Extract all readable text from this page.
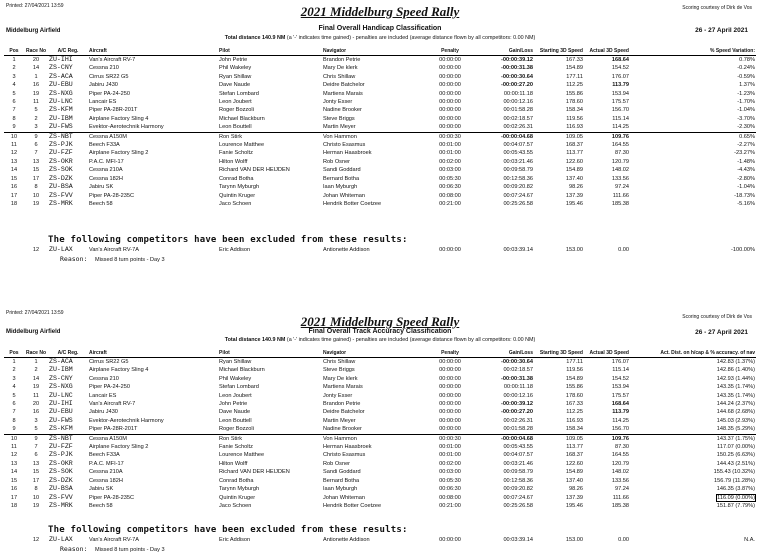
Printed: 27/04/2021 13:59	Scoring courtesy of Dirk de Vos
2021 Middelburg Speed Rally
Middelburg Airfield	26 - 27 April 2021
Final Overall Handicap Classification
Total distance 140.9 NM (a '-' indicates time gained) - penalties are included (average distance flown by all competitors: 0.00 NM)
Pos	Race No	A/C Reg.	Aircraft	Pilot	Navigator	Penalty	Gain/Loss	Starting 3D Speed	Actual 3D Speed	% Speed Variation:
1	20	ZU-IHI	Van's Aircraft RV-7	John Petrie	Brandon Petrie	00:00:00	-00:00:39.12	167.33	168.64	0.78%
2	14	ZS-CNY	Cessna 210	Phil Wakeley	Mary De klerk	00:00:00	-00:00:31.38	154.89	154.52	-0.24%
3	1	ZS-ACA	Cirrus SR22 G5	Ryan Shillaw	Chris Shillaw	00:00:00	-00:00:30.64	177.11	176.07	-0.59%
4	16	ZU-EBU	Jabiru J430	Dave Naude	Deidre Batchelor	00:00:00	-00:00:27.20	112.25	113.79	1.37%
5	19	ZS-NXG	Piper PA-24-250	Stefan Lombard	Martiens Marais	00:00:00	00:00:11.18	155.86	153.94	-1.23%
6	11	ZU-LNC	Lancair ES	Leon Joubert	Jonty Esser	00:00:00	00:00:12.16	178.60	175.57	-1.70%
7	5	ZS-KFM	Piper PA-28R-201T	Roger Bozzoli	Nadine Brooker	00:00:00	00:01:58.28	158.34	156.70	-1.04%
8	2	ZU-IBM	Airplane Factory Sling 4	Michael Blackburn	Steve Briggs	00:00:00	00:02:18.57	119.56	115.14	-3.70%
9	3	ZU-FWS	Evektor-Aerotechnik Harmony	Leon Bouttell	Martin Meyer	00:00:00	00:02:26.31	116.93	114.25	-2.30%
10	9	ZS-NBT	Cessna A150M	Ron Stirk	Von Hammon	00:00:30	-00:00:04.68	109.05	109.76	0.65%
11	6	ZS-PJK	Beech F33A	Lourence Matthee	Christo Esasmus	00:01:00	00:04:07.57	168.37	164.55	-2.27%
12	7	ZU-FZF	Airplane Factory Sling 2	Fanie Scholtz	Herman Haasbroek	00:01:00	00:05:43.55	113.77	87.30	-23.27%
13	13	ZS-OKR	P.A.C. MFI-17	Hilton Wolff	Rob Osner	00:02:00	00:03:21.46	122.60	120.79	-1.48%
14	15	ZS-SOK	Cessna 210A	Richard VAN DER HEIJDEN	Sandi Goddard	00:03:00	00:09:58.79	154.89	148.02	-4.43%
15	17	ZS-DZK	Cessna 182H	Conrad Botha	Bernard Botha	00:05:30	00:12:58.36	137.40	133.56	-2.80%
16	8	ZU-BSA	Jabiru SK	Tarynn Myburgh	Iaan Myburgh	00:06:30	00:09:20.82	98.26	97.24	-1.04%
17	10	ZS-FVV	Piper PA-28-235C	Quintin Kruger	Johan Whiteman	00:08:00	00:07:24.67	137.39	111.66	-18.73%
18	19	ZS-MRK	Beech 58	Jaco Schoen	Hendrik Botter Coetzee	00:21:00	00:25:26.58	195.46	185.38	-5.16%
The following competitors have been excluded from these results:
	12	ZU-LAX	Van's Aircraft RV-7A	Eric Addison	Antionette Addison	00:00:00	00:03:39.14	153.00	0.00	-100.00%
Reason: Missed 8 turn points - Day 3
Printed: 27/04/2021 13:59
Scoring courtesy of Dirk de Vos
2021 Middelburg Speed Rally
Middelburg Airfield	26 - 27 April 2021
Final Overall Track Accuracy Classification
Total distance 140.9 NM (a '-' indicates time gained) - penalties are included (average distance flown by all competitors: 0.00 NM)
Pos	Race No	A/C Reg.	Aircraft	Pilot	Navigator	Penalty	Gain/Loss	Starting 3D Speed	Actual 3D Speed	Act. Dist. on h/cap & % accuracy. of nav
1	1	ZS-ACA	Cirrus SR22 G5	Ryan Shillaw	Chris Shillaw	00:00:00	-00:00:30.64	177.11	176.07	142.83 (1.37%)
2	2	ZU-IBM	Airplane Factory Sling 4	Michael Blackburn	Steve Briggs	00:00:00	00:02:18.57	119.56	115.14	142.86 (1.40%)
3	14	ZS-CNY	Cessna 210	Phil Wakeley	Mary De klerk	00:00:00	-00:00:31.38	154.89	154.52	142.93 (1.44%)
4	19	ZS-NXG	Piper PA-24-250	Stefan Lombard	Martiens Marais	00:00:00	00:00:11.18	155.86	153.94	143.35 (1.74%)
5	11	ZU-LNC	Lancair ES	Leon Joubert	Jonty Esser	00:00:00	00:00:12.16	178.60	175.57	143.35 (1.74%)
6	20	ZU-IHI	Van's Aircraft RV-7	John Petrie	Brandon Petrie	00:00:00	-00:00:39.12	167.33	168.64	144.24 (2.37%)
7	16	ZU-EBU	Jabiru J430	Dave Naude	Deidre Batchelor	00:00:00	-00:00:27.20	112.25	113.79	144.68 (2.68%)
8	3	ZU-FWS	Evektor-Aerotechnik Harmony	Leon Bouttell	Martin Meyer	00:00:00	00:02:26.31	116.93	114.25	145.03 (2.93%)
9	5	ZS-KFM	Piper PA-28R-201T	Roger Bozzoli	Nadine Brooker	00:00:00	00:01:58.28	158.34	156.70	148.35 (5.29%)
10	9	ZS-NBT	Cessna A150M	Ron Stirk	Von Hammon	00:00:30	-00:00:04.68	109.05	109.76	143.37 (1.75%)
11	7	ZU-FZF	Airplane Factory Sling 2	Fanie Scholtz	Herman Haasbroek	00:01:00	00:05:43.55	113.77	87.30	117.07 (0.00%)
12	6	ZS-PJK	Beech F33A	Lourence Matthee	Christo Esasmus	00:01:00	00:04:07.57	168.37	164.55	150.25 (6.63%)
13	13	ZS-OKR	P.A.C. MFI-17	Hilton Wolff	Rob Osner	00:02:00	00:03:21.46	122.60	120.79	144.43 (2.51%)
14	15	ZS-SOK	Cessna 210A	Richard VAN DER HEIJDEN	Sandi Goddard	00:03:00	00:09:58.79	154.89	148.02	155.43 (10.32%)
15	17	ZS-DZK	Cessna 182H	Conrad Botha	Bernard Botha	00:05:30	00:12:58.36	137.40	133.56	156.79 (11.28%)
16	8	ZU-BSA	Jabiru SK	Tarynn Myburgh	Iaan Myburgh	00:06:30	00:09:20.82	98.26	97.24	146.35 (3.87%)
17	10	ZS-FVV	Piper PA-28-235C	Quintin Kruger	Johan Whiteman	00:08:00	00:07:24.67	137.39	111.66	116.09 (0.00%)
18	19	ZS-MRK	Beech 58	Jaco Schoen	Hendrik Botter Coetzee	00:21:00	00:25:26.58	195.46	185.38	151.87 (7.79%)
The following competitors have been excluded from these results:
	12	ZU-LAX	Van's Aircraft RV-7A	Eric Addison	Antionette Addison	00:00:00	00:03:39.14	153.00	0.00	N.A.
Reason: Missed 8 turn points - Day 3
